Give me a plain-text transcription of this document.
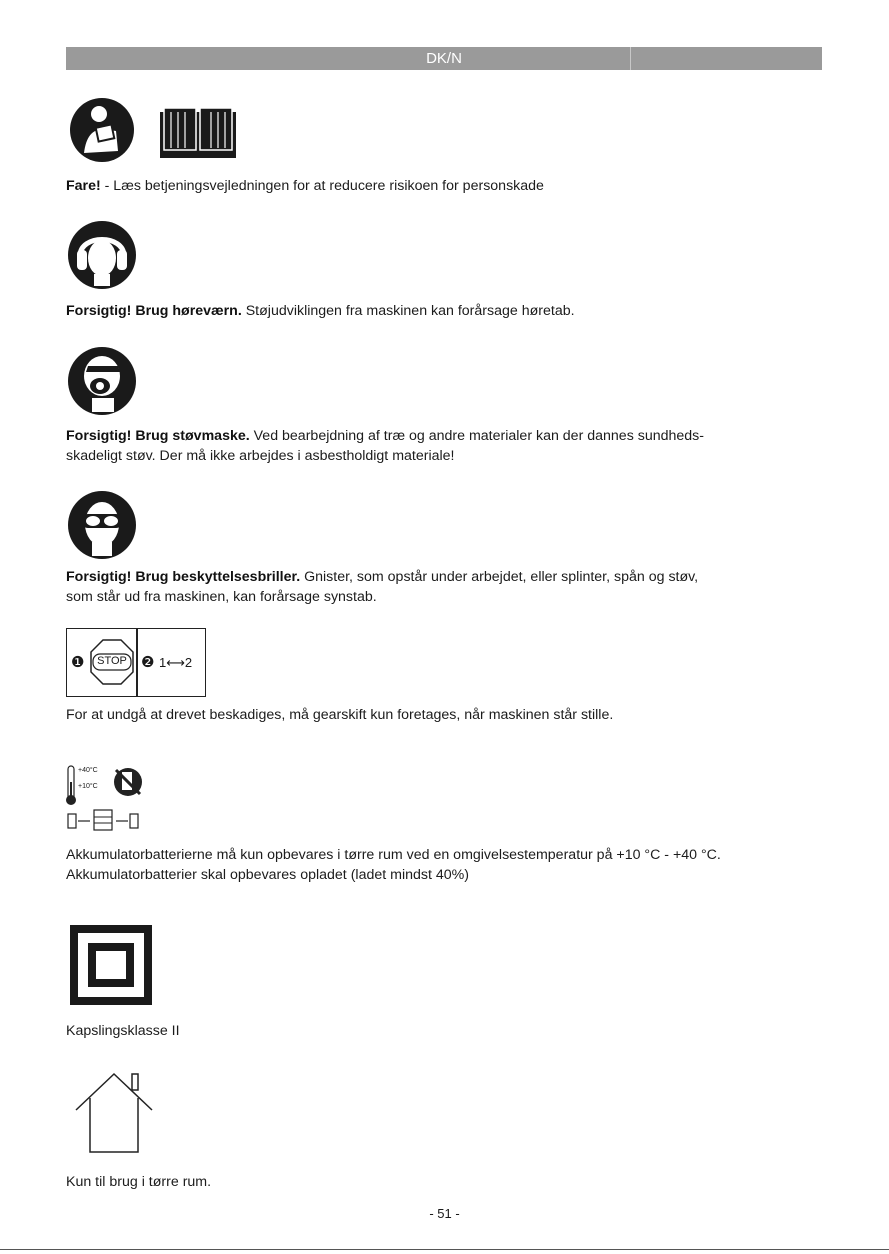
DK/N
Fare! - Læs betjeningsvejledningen for at reducere risikoen for personskade
Forsigtig! Brug høreværn. Støjudviklingen fra maskinen kan forårsage høretab.
Forsigtig! Brug støvmaske. Ved bearbejdning af træ og andre materialer kan der dannes sundheds-
skadeligt støv. Der må ikke arbejdes i asbestholdigt materiale!
Forsigtig! Brug beskyttelsesbriller. Gnister, som opstår under arbejdet, eller splinter, spån og støv,
som står ud fra maskinen, kan forårsage synstab.
❶ STOP ❷ 1⟷2
For at undgå at drevet beskadiges, må gearskift kun foretages, når maskinen står stille.
+40°C
+10°C
Akkumulatorbatterierne må kun opbevares i tørre rum ved en omgivelsestemperatur på +10 °C - +40 °C.
Akkumulatorbatterier skal opbevares opladet (ladet mindst 40%)
Kapslingsklasse II
Kun til brug i tørre rum.
- 51 -
